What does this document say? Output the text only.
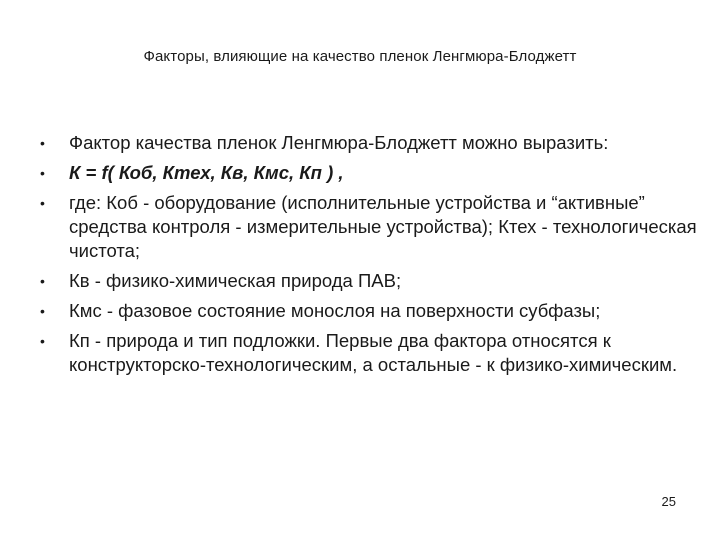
Факторы, влияющие на качество пленок Ленгмюра-Блоджетт
• Фактор качества пленок Ленгмюра-Блоджетт можно выразить:
• К = f( Коб, Ктех, Кв, Кмс, Кп ) ,
• где: Коб - оборудование (исполнительные устройства и “активные” средства контроля - измерительные устройства); Ктех - технологическая чистота;
• Кв - физико-химическая природа ПАВ;
• Кмс - фазовое состояние монослоя на поверхности субфазы;
• Кп - природа и тип подложки. Первые два фактора относятся к конструкторско-технологическим, а остальные - к физико-химическим.
25
